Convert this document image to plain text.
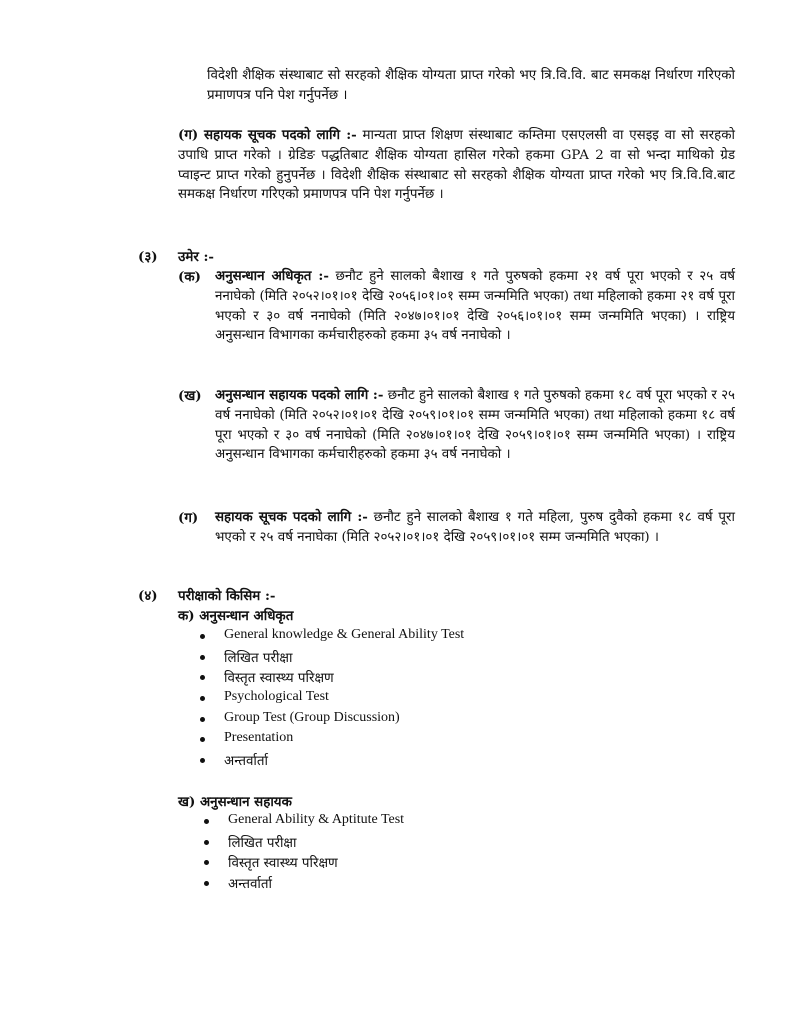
विदेशी शैक्षिक संस्थाबाट सो सरहको शैक्षिक योग्यता प्राप्त गरेको भए त्रि.वि.वि. बाट समकक्ष निर्धारण गरिएको प्रमाणपत्र पनि पेश गर्नुपर्नेछ ।
(ग) सहायक सूचक पदको लागि :- मान्यता प्राप्त शिक्षण संस्थाबाट कम्तिमा एसएलसी वा एसइइ वा सो सरहको उपाधि प्राप्त गरेको । ग्रेडिङ पद्धतिबाट शैक्षिक योग्यता हासिल गरेको हकमा GPA 2 वा सो भन्दा माथिको ग्रेड प्वाइन्ट प्राप्त गरेको हुनुपर्नेछ । विदेशी शैक्षिक संस्थाबाट सो सरहको शैक्षिक योग्यता प्राप्त गरेको भए त्रि.वि.वि.बाट समकक्ष निर्धारण गरिएको प्रमाणपत्र पनि पेश गर्नुपर्नेछ ।
(३) उमेर :-
(क) अनुसन्धान अधिकृत :- छनौट हुने सालको बैशाख १ गते पुरुषको हकमा २१ वर्ष पूरा भएको र २५ वर्ष ननाघेको (मिति २०५२।०१।०१ देखि २०५६।०१।०१ सम्म जन्ममिति भएका) तथा महिलाको हकमा २१ वर्ष पूरा भएको र ३० वर्ष ननाघेको (मिति २०४७।०१।०१ देखि २०५६।०१।०१ सम्म जन्ममिति भएका) । राष्ट्रिय अनुसन्धान विभागका कर्मचारीहरुको हकमा ३५ वर्ष ननाघेको ।
(ख) अनुसन्धान सहायक पदको लागि :- छनौट हुने सालको बैशाख १ गते पुरुषको हकमा १८ वर्ष पूरा भएको र २५ वर्ष ननाघेको (मिति २०५२।०१।०१ देखि २०५९।०१।०१ सम्म जन्ममिति भएका) तथा महिलाको हकमा १८ वर्ष पूरा भएको र ३० वर्ष ननाघेको (मिति २०४७।०१।०१ देखि २०५९।०१।०१ सम्म जन्ममिति भएका) । राष्ट्रिय अनुसन्धान विभागका कर्मचारीहरुको हकमा ३५ वर्ष ननाघेको ।
(ग) सहायक सूचक पदको लागि :- छनौट हुने सालको बैशाख १ गते महिला, पुरुष दुवैको हकमा १८ वर्ष पूरा भएको र २५ वर्ष ननाघेका (मिति २०५२।०१।०१ देखि २०५९।०१।०१ सम्म जन्ममिति भएका) ।
(४) परीक्षाको किसिम :-
क) अनुसन्धान अधिकृत
General knowledge & General Ability Test
लिखित परीक्षा
विस्तृत स्वास्थ्य परिक्षण
Psychological Test
Group Test (Group Discussion)
Presentation
अन्तर्वार्ता
ख) अनुसन्धान सहायक
General Ability & Aptitute Test
लिखित परीक्षा
विस्तृत स्वास्थ्य परिक्षण
अन्तर्वार्ता
